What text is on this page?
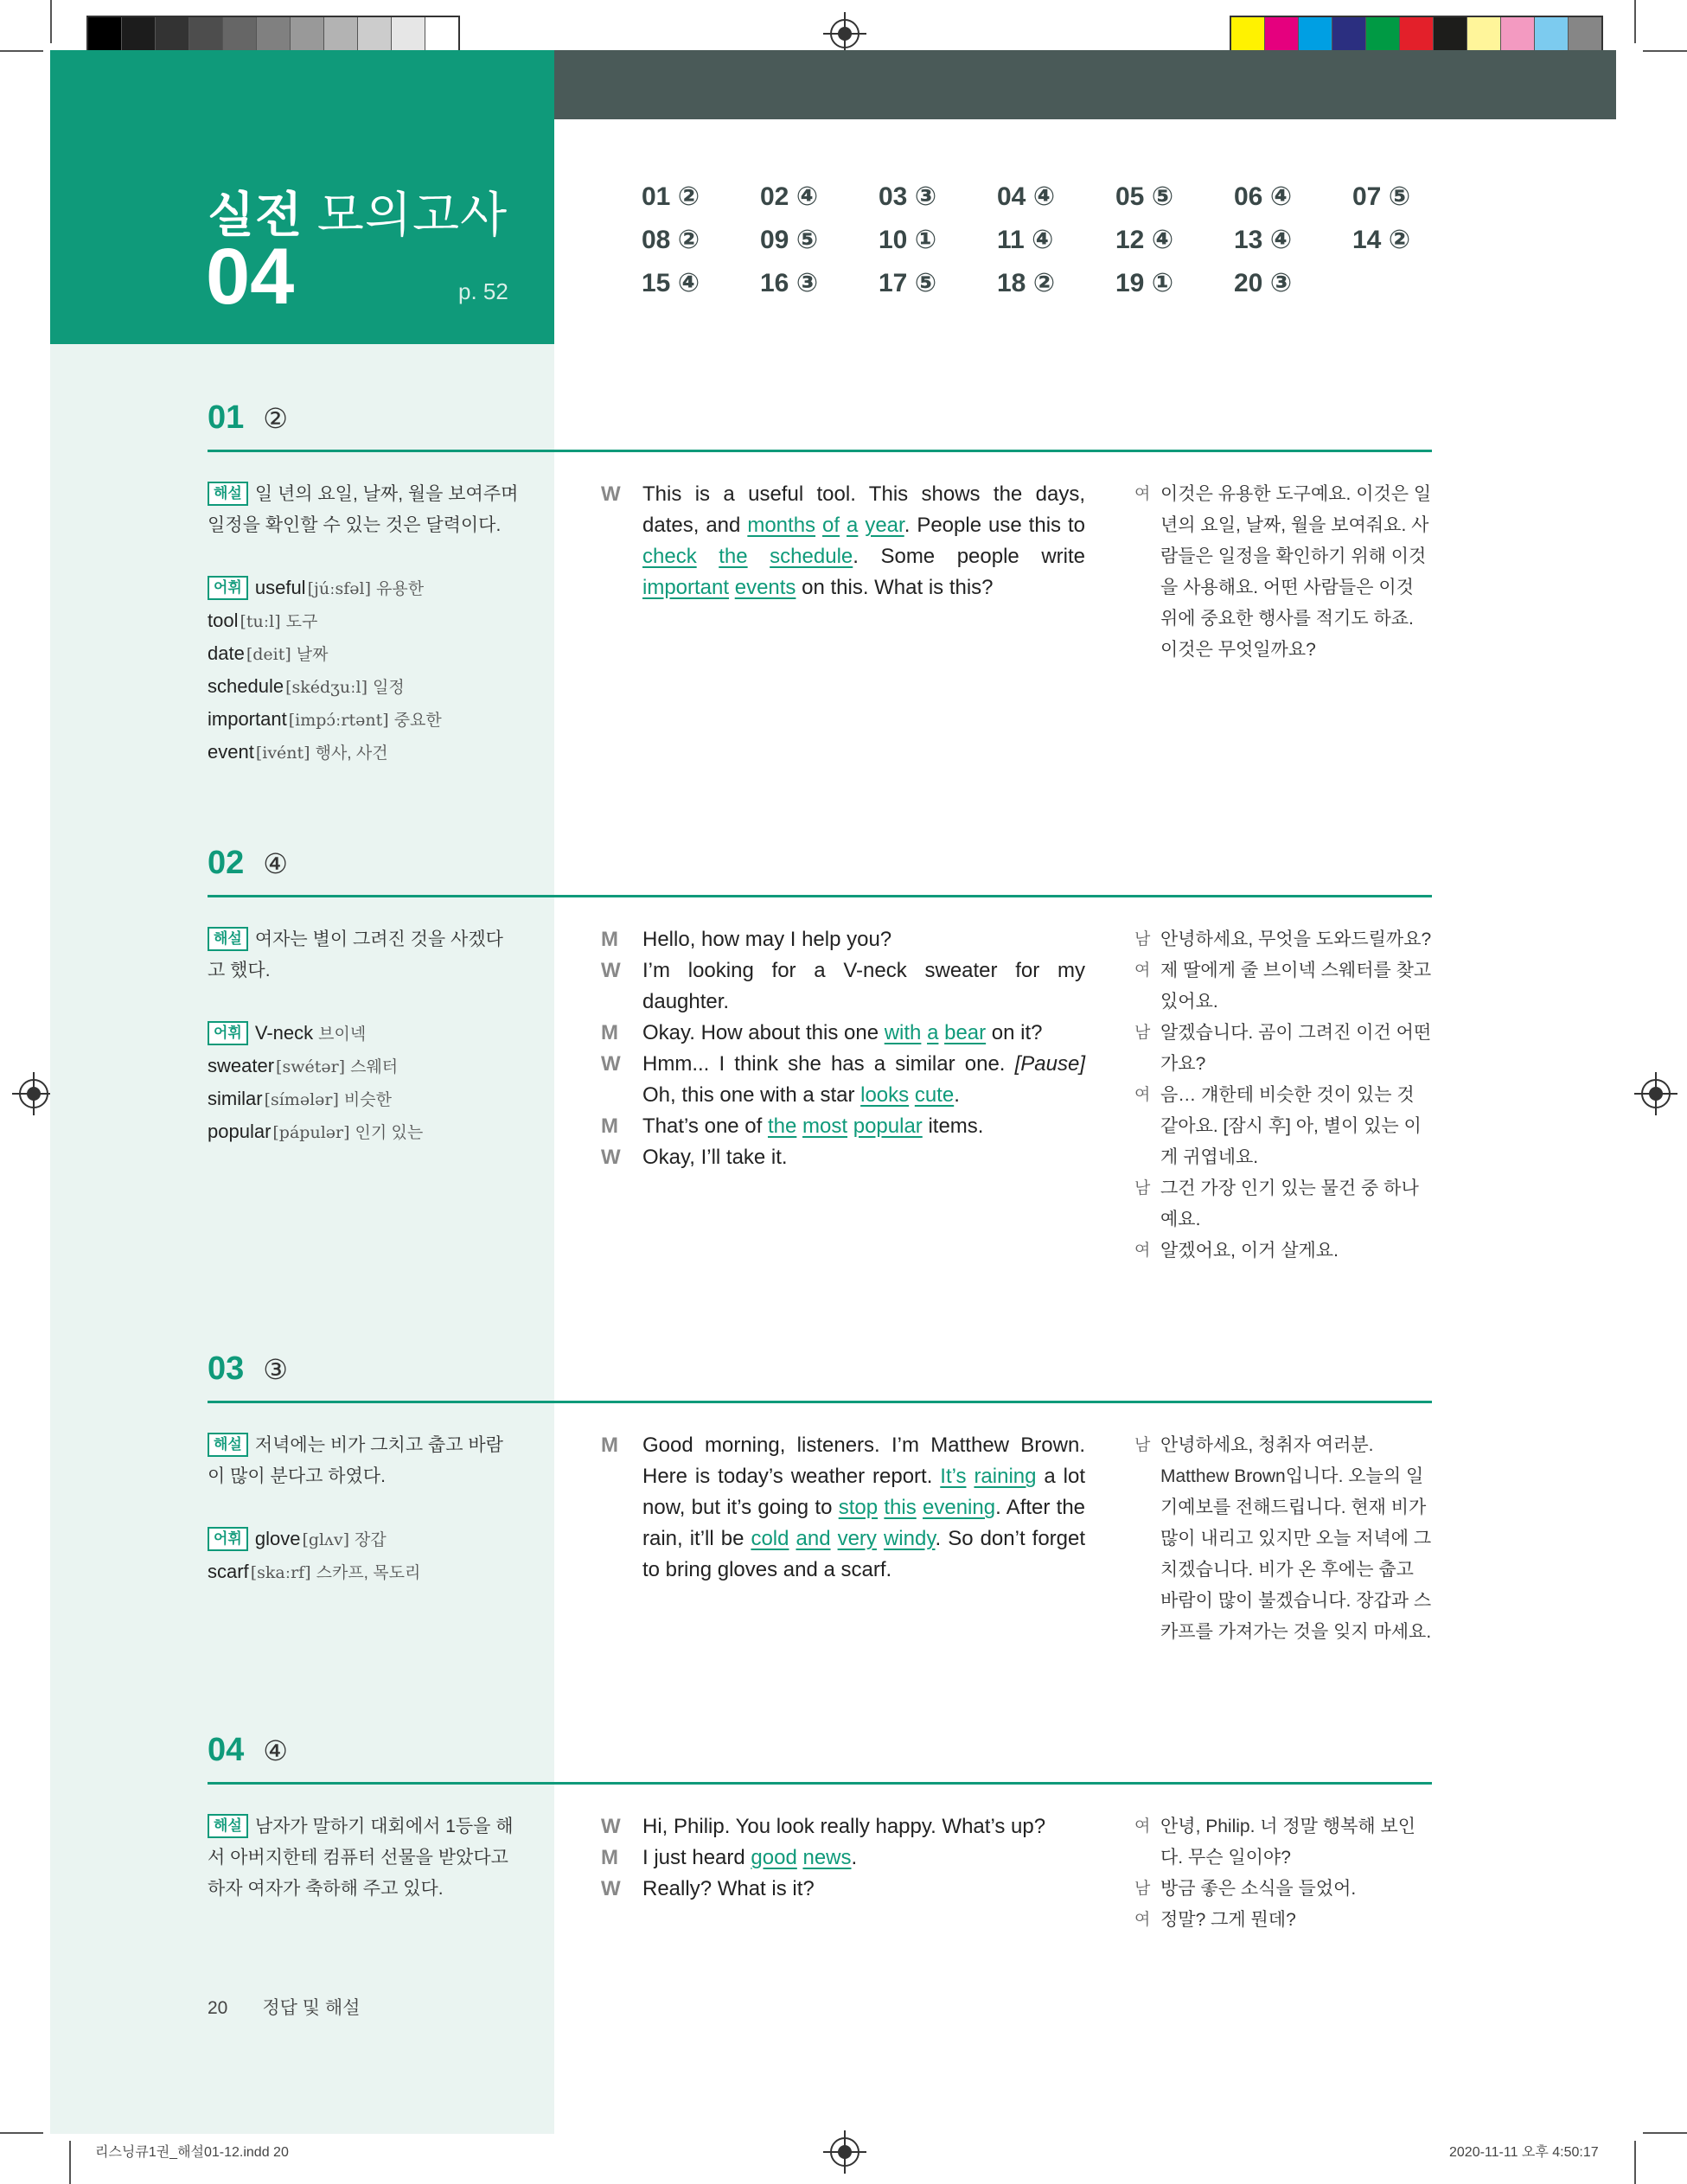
실전 모의고사
04	p. 52
01 ② 02 ④ 03 ③ 04 ④ 05 ⑤ 06 ④ 07 ⑤
08 ② 09 ⑤ 10 ① 11 ④ 12 ④ 13 ④ 14 ②
15 ④ 16 ③ 17 ⑤ 18 ② 19 ① 20 ③
01 ②
해설 일 년의 요일, 날짜, 월을 보여주며 일정을 확인할 수 있는 것은 달력이다.
어휘 useful [júːsfəl] 유용한
tool [tuːl] 도구
date [deit] 날짜
schedule [skédʒuːl] 일정
important [impɔ́ːrtənt] 중요한
event [ivént] 행사, 사건
W This is a useful tool. This shows the days, dates, and months of a year. People use this to check the schedule. Some people write important events on this. What is this?
여 이것은 유용한 도구예요. 이것은 일 년의 요일, 날짜, 월을 보여줘요. 사람들은 일정을 확인하기 위해 이것을 사용해요. 어떤 사람들은 이것 위에 중요한 행사를 적기도 하죠. 이것은 무엇일까요?
02 ④
해설 여자는 별이 그려진 것을 사겠다고 했다.
어휘 V-neck 브이넥
sweater [swétər] 스웨터
similar [símələr] 비슷한
popular [pápulər] 인기 있는
M Hello, how may I help you?
W I’m looking for a V-neck sweater for my daughter.
M Okay. How about this one with a bear on it?
W Hmm... I think she has a similar one. [Pause] Oh, this one with a star looks cute.
M That’s one of the most popular items.
W Okay, I’ll take it.
남 안녕하세요, 무엇을 도와드릴까요?
여 제 딸에게 줄 브이넥 스웨터를 찾고 있어요.
남 알겠습니다. 곰이 그려진 이건 어떤가요?
여 음… 걔한테 비슷한 것이 있는 것 같아요. [잠시 후] 아, 별이 있는 이게 귀엽네요.
남 그건 가장 인기 있는 물건 중 하나예요.
여 알겠어요, 이거 살게요.
03 ③
해설 저녁에는 비가 그치고 춥고 바람이 많이 분다고 하였다.
어휘 glove [glʌv] 장갑
scarf [skaːrf] 스카프, 목도리
M Good morning, listeners. I’m Matthew Brown. Here is today’s weather report. It’s raining a lot now, but it’s going to stop this evening. After the rain, it’ll be cold and very windy. So don’t forget to bring gloves and a scarf.
남 안녕하세요, 청취자 여러분. Matthew Brown입니다. 오늘의 일기예보를 전해드립니다. 현재 비가 많이 내리고 있지만 오늘 저녁에 그치겠습니다. 비가 온 후에는 춥고 바람이 많이 불겠습니다. 장갑과 스카프를 가져가는 것을 잊지 마세요.
04 ④
해설 남자가 말하기 대회에서 1등을 해서 아버지한테 컴퓨터 선물을 받았다고 하자 여자가 축하해 주고 있다.
W Hi, Philip. You look really happy. What’s up?
M I just heard good news.
W Really? What is it?
여 안녕, Philip. 너 정말 행복해 보인다. 무슨 일이야?
남 방금 좋은 소식을 들었어.
여 정말? 그게 뭔데?
20 정답 및 해설
리스닝큐1권_해설01-12.indd 20	2020-11-11 오후 4:50:17
